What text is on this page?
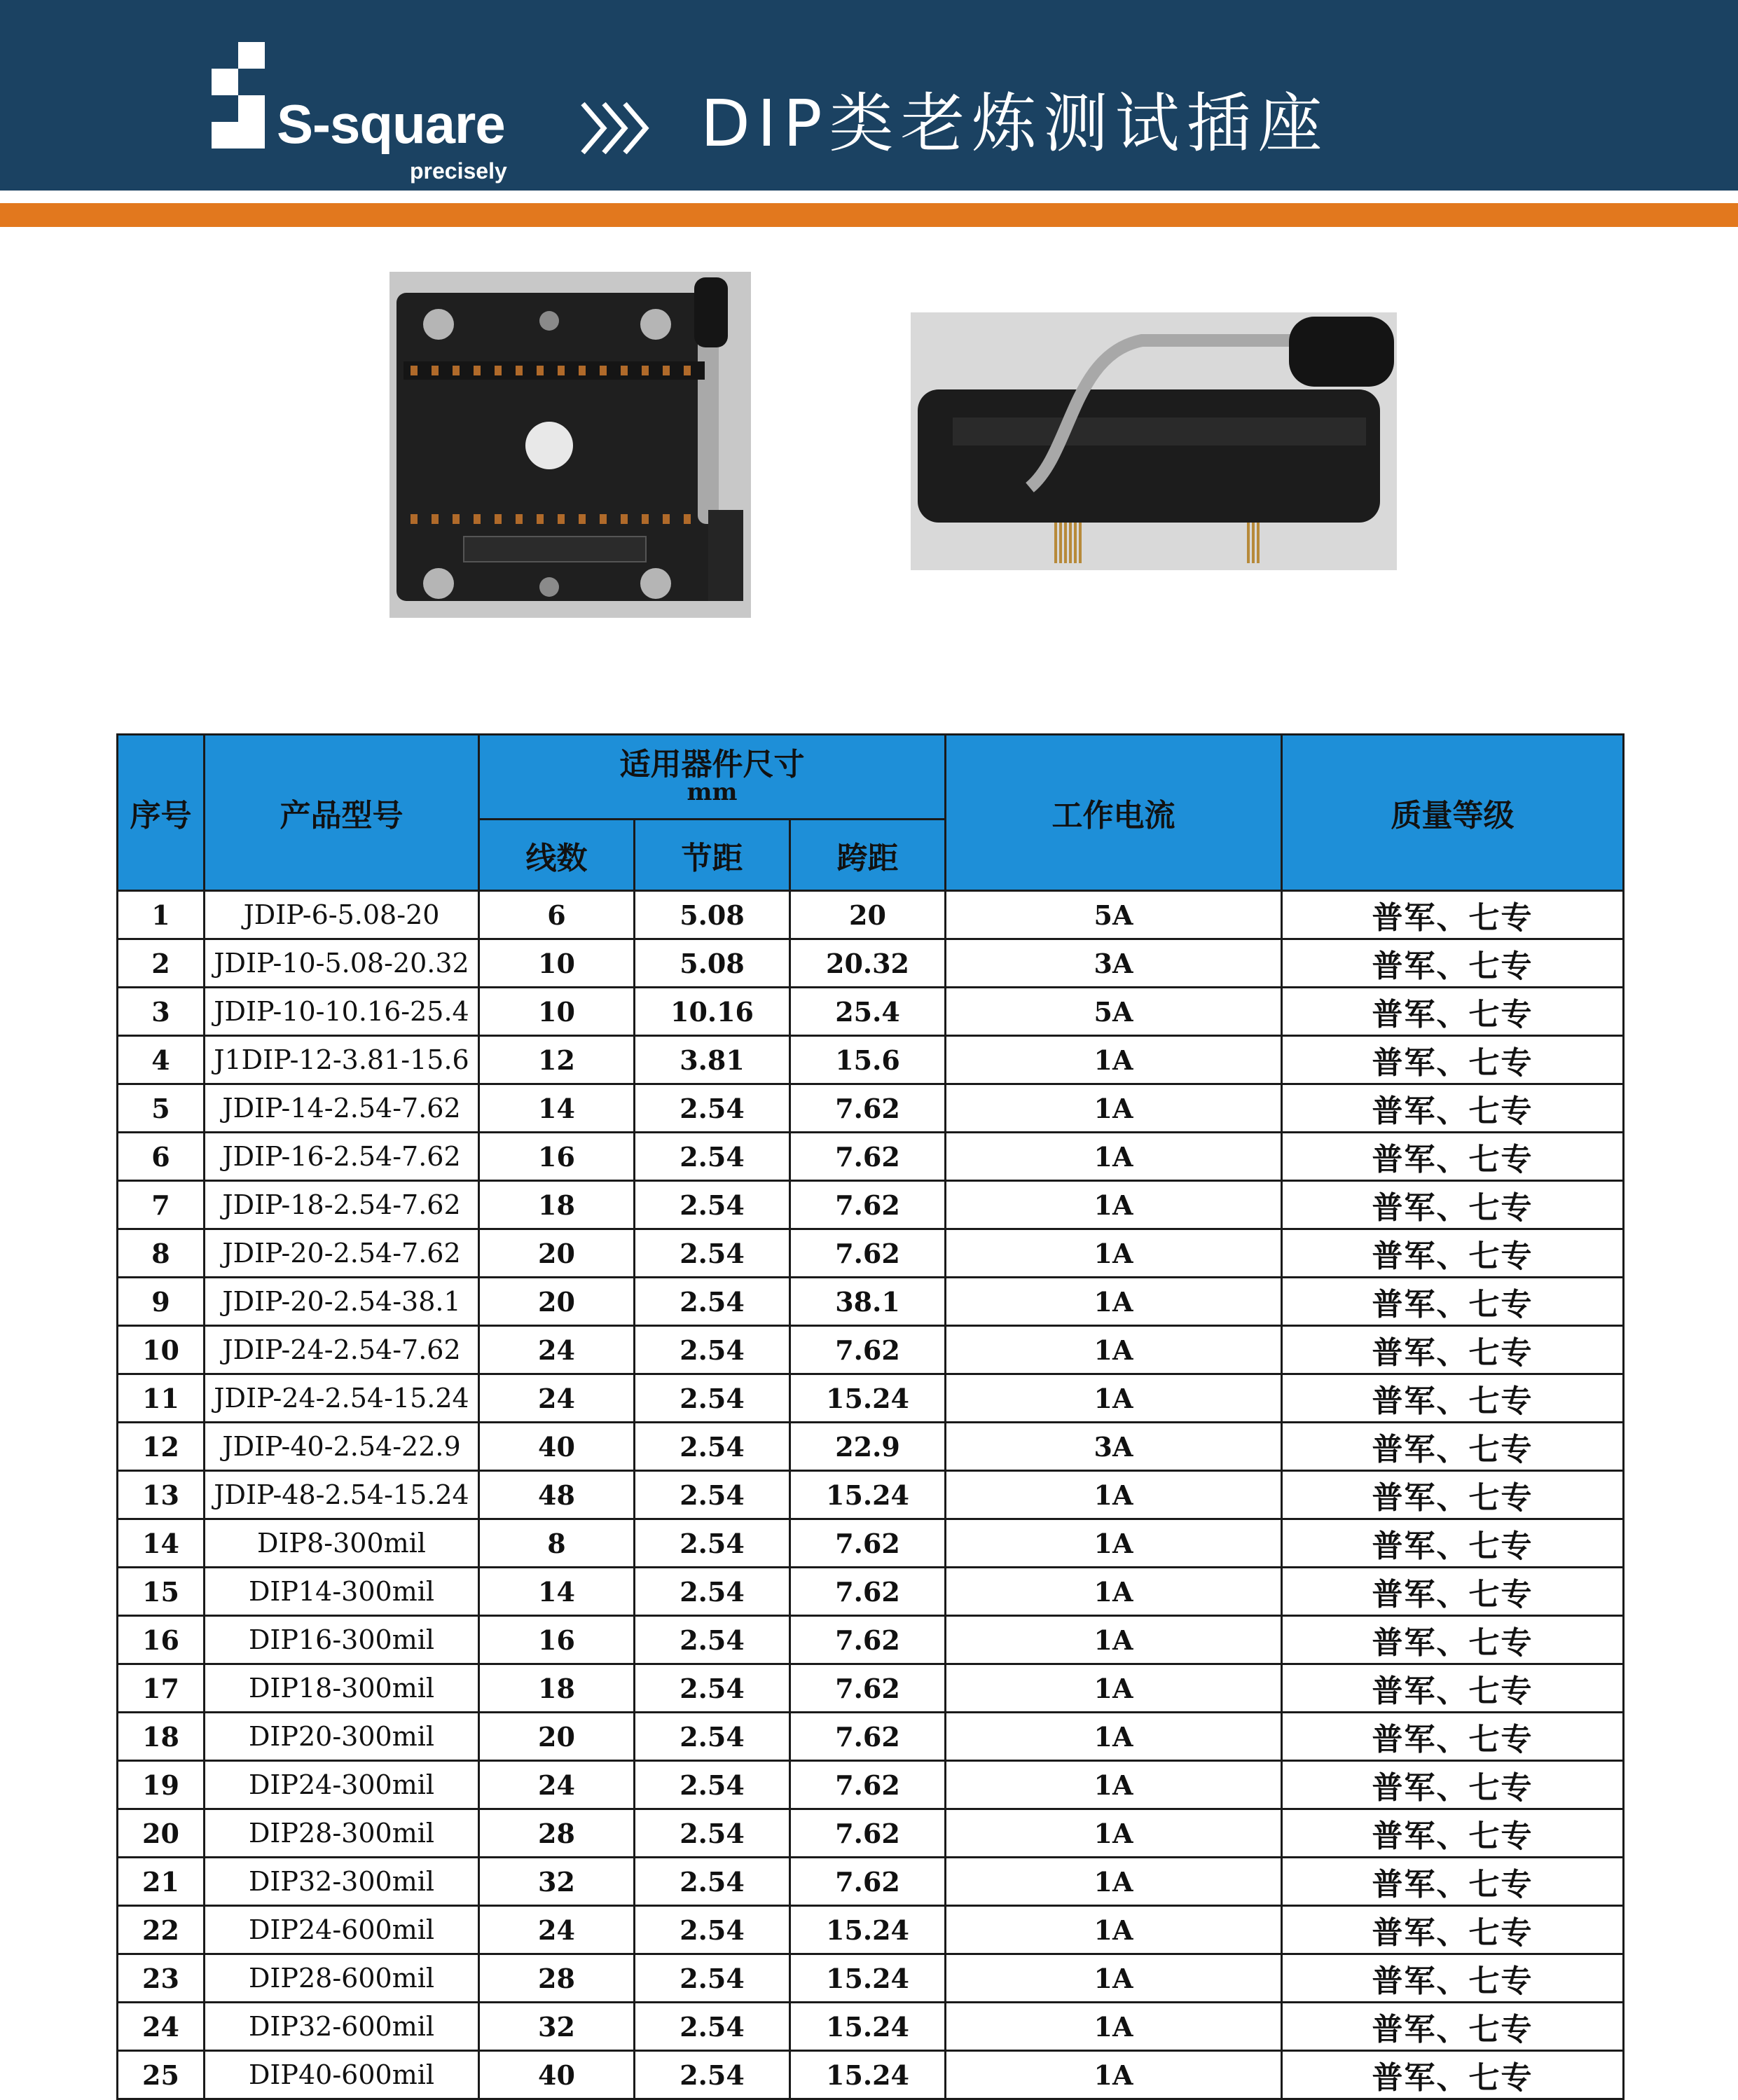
S-square
precisely
DIP类老炼测试插座
序号	产品型号	适用器件尺寸
mm			工作电流	质量等级
		线数	节距	跨距		
1	JDIP-6-5.08-20	6	5.08	20	5A	普军、七专
2	JDIP-10-5.08-20.32	10	5.08	20.32	3A	普军、七专
3	JDIP-10-10.16-25.4	10	10.16	25.4	5A	普军、七专
4	J1DIP-12-3.81-15.6	12	3.81	15.6	1A	普军、七专
5	JDIP-14-2.54-7.62	14	2.54	7.62	1A	普军、七专
6	JDIP-16-2.54-7.62	16	2.54	7.62	1A	普军、七专
7	JDIP-18-2.54-7.62	18	2.54	7.62	1A	普军、七专
8	JDIP-20-2.54-7.62	20	2.54	7.62	1A	普军、七专
9	JDIP-20-2.54-38.1	20	2.54	38.1	1A	普军、七专
10	JDIP-24-2.54-7.62	24	2.54	7.62	1A	普军、七专
11	JDIP-24-2.54-15.24	24	2.54	15.24	1A	普军、七专
12	JDIP-40-2.54-22.9	40	2.54	22.9	3A	普军、七专
13	JDIP-48-2.54-15.24	48	2.54	15.24	1A	普军、七专
14	DIP8-300mil	8	2.54	7.62	1A	普军、七专
15	DIP14-300mil	14	2.54	7.62	1A	普军、七专
16	DIP16-300mil	16	2.54	7.62	1A	普军、七专
17	DIP18-300mil	18	2.54	7.62	1A	普军、七专
18	DIP20-300mil	20	2.54	7.62	1A	普军、七专
19	DIP24-300mil	24	2.54	7.62	1A	普军、七专
20	DIP28-300mil	28	2.54	7.62	1A	普军、七专
21	DIP32-300mil	32	2.54	7.62	1A	普军、七专
22	DIP24-600mil	24	2.54	15.24	1A	普军、七专
23	DIP28-600mil	28	2.54	15.24	1A	普军、七专
24	DIP32-600mil	32	2.54	15.24	1A	普军、七专
25	DIP40-600mil	40	2.54	15.24	1A	普军、七专
